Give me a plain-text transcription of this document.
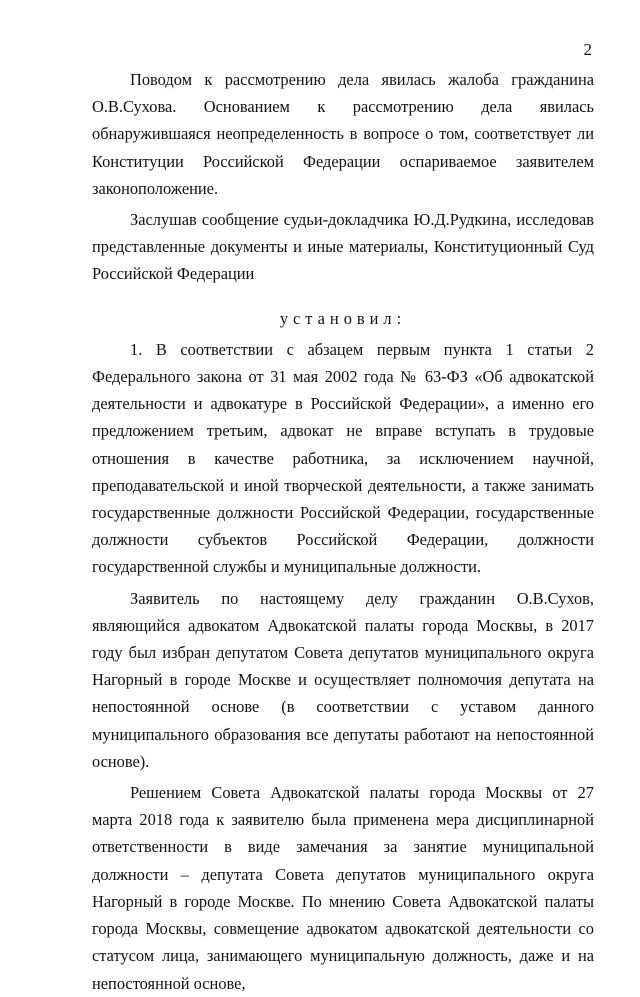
2

Поводом к рассмотрению дела явилась жалоба гражданина О.В.Сухова. Основанием к рассмотрению дела явилась обнаружившаяся неопределенность в вопросе о том, соответствует ли Конституции Российской Федерации оспариваемое заявителем законоположение.

Заслушав сообщение судьи-докладчика Ю.Д.Рудкина, исследовав представленные документы и иные материалы, Конституционный Суд Российской Федерации

установил:

1. В соответствии с абзацем первым пункта 1 статьи 2 Федерального закона от 31 мая 2002 года № 63-ФЗ «Об адвокатской деятельности и адвокатуре в Российской Федерации», а именно его предложением третьим, адвокат не вправе вступать в трудовые отношения в качестве работника, за исключением научной, преподавательской и иной творческой деятельности, а также занимать государственные должности Российской Федерации, государственные должности субъектов Российской Федерации, должности государственной службы и муниципальные должности.

Заявитель по настоящему делу гражданин О.В.Сухов, являющийся адвокатом Адвокатской палаты города Москвы, в 2017 году был избран депутатом Совета депутатов муниципального округа Нагорный в городе Москве и осуществляет полномочия депутата на непостоянной основе (в соответствии с уставом данного муниципального образования все депутаты работают на непостоянной основе).

Решением Совета Адвокатской палаты города Москвы от 27 марта 2018 года к заявителю была применена мера дисциплинарной ответственности в виде замечания за занятие муниципальной должности – депутата Совета депутатов муниципального округа Нагорный в городе Москве. По мнению Совета Адвокатской палаты города Москвы, совмещение адвокатом адвокатской деятельности со статусом лица, занимающего муниципальную должность, даже и на непостоянной основе,
